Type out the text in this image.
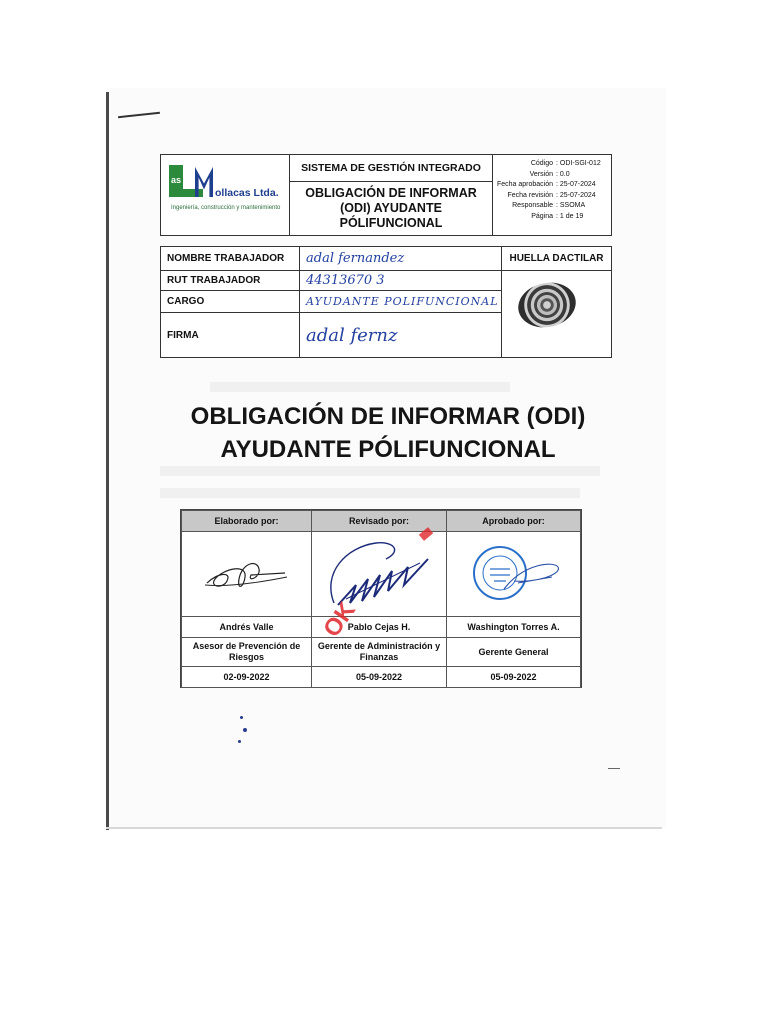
as
ollacas Ltda.
Ingeniería, construcción y mantenimiento
SISTEMA DE GESTIÓN INTEGRADO
OBLIGACIÓN DE INFORMAR (ODI) AYUDANTE PÓLIFUNCIONAL
Código : ODI-SGI-012
Versión : 0.0
Fecha aprobación : 25-07-2024
Fecha revisión : 25-07-2024
Responsable : SSOMA
Página : 1 de 19
NOMBRE TRABAJADOR	adal fernandez
RUT TRABAJADOR	44313670 3
CARGO	AYUDANTE POLIFUNCIONAL
FIRMA	adal fernz
HUELLA DACTILAR
OBLIGACIÓN DE INFORMAR (ODI)
AYUDANTE PÓLIFUNCIONAL
Elaborado por:	Revisado por:	Aprobado por:

Andrés Valle	Pablo Cejas H.	Washington Torres A.
Asesor de Prevención de Riesgos	Gerente de Administración y Finanzas	Gerente General
02-09-2022	05-09-2022	05-09-2022
OK
